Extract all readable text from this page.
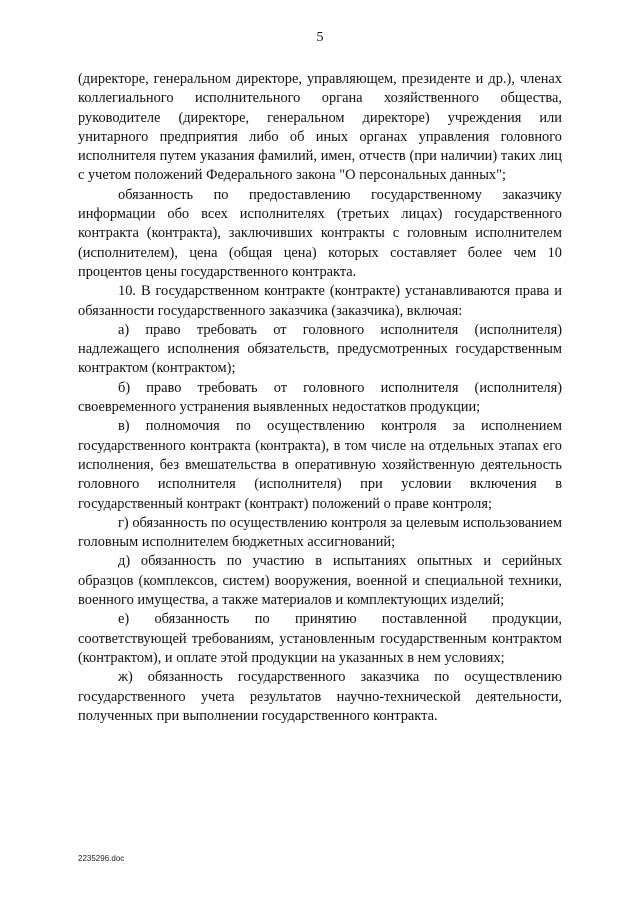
5

(директоре, генеральном директоре, управляющем, президенте и др.), членах коллегиального исполнительного органа хозяйственного общества, руководителе (директоре, генеральном директоре) учреждения или унитарного предприятия либо об иных органах управления головного исполнителя путем указания фамилий, имен, отчеств (при наличии) таких лиц с учетом положений Федерального закона "О персональных данных";

обязанность по предоставлению государственному заказчику информации обо всех исполнителях (третьих лицах) государственного контракта (контракта), заключивших контракты с головным исполнителем (исполнителем), цена (общая цена) которых составляет более чем 10 процентов цены государственного контракта.

10. В государственном контракте (контракте) устанавливаются права и обязанности государственного заказчика (заказчика), включая:

а) право требовать от головного исполнителя (исполнителя) надлежащего исполнения обязательств, предусмотренных государственным контрактом (контрактом);

б) право требовать от головного исполнителя (исполнителя) своевременного устранения выявленных недостатков продукции;

в) полномочия по осуществлению контроля за исполнением государственного контракта (контракта), в том числе на отдельных этапах его исполнения, без вмешательства в оперативную хозяйственную деятельность головного исполнителя (исполнителя) при условии включения в государственный контракт (контракт) положений о праве контроля;

г) обязанность по осуществлению контроля за целевым использованием головным исполнителем бюджетных ассигнований;

д) обязанность по участию в испытаниях опытных и серийных образцов (комплексов, систем) вооружения, военной и специальной техники, военного имущества, а также материалов и комплектующих изделий;

е) обязанность по принятию поставленной продукции, соответствующей требованиям, установленным государственным контрактом (контрактом), и оплате этой продукции на указанных в нем условиях;

ж) обязанность государственного заказчика по осуществлению государственного учета результатов научно-технической деятельности, полученных при выполнении государственного контракта.

2235296.doc
